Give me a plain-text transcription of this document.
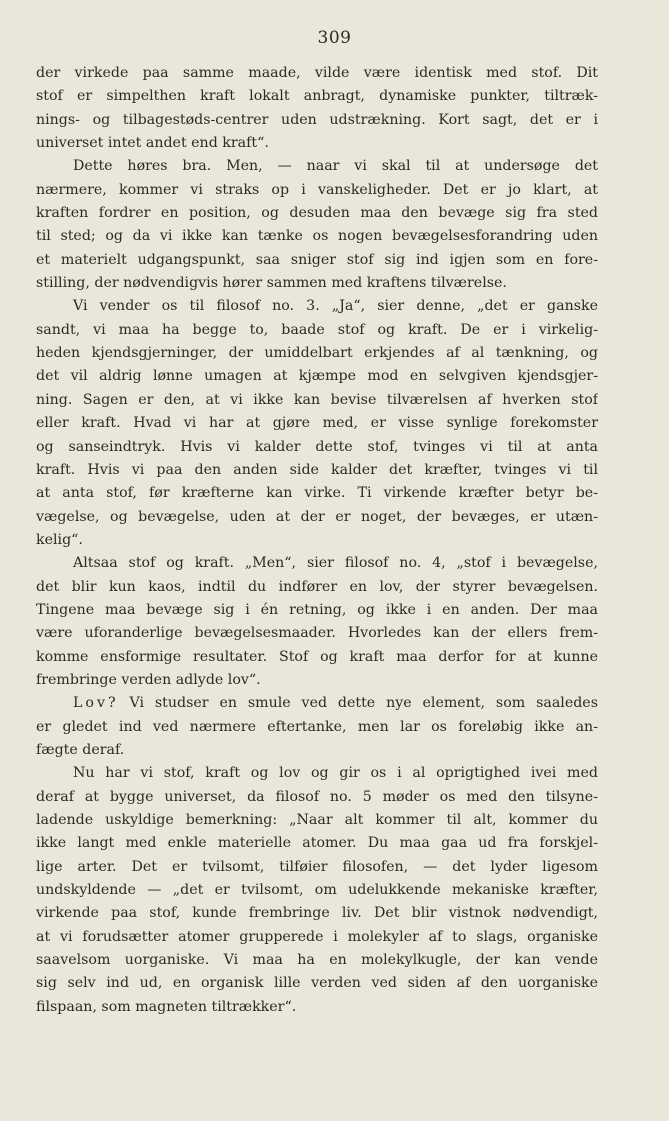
309
der virkede paa samme maade, vilde være identisk med stof. Dit
stof er simpelthen kraft lokalt anbragt, dynamiske punkter, tiltræk-
nings- og tilbagestøds-centrer uden udstrækning. Kort sagt, det er i
universet intet andet end kraft“.
Dette høres bra. Men, — naar vi skal til at undersøge det
nærmere, kommer vi straks op i vanskeligheder. Det er jo klart, at
kraften fordrer en position, og desuden maa den bevæge sig fra sted
til sted; og da vi ikke kan tænke os nogen bevægelsesforandring uden
et materielt udgangspunkt, saa sniger stof sig ind igjen som en fore-
stilling, der nødvendigvis hører sammen med kraftens tilværelse.
Vi vender os til filosof no. 3. „Ja“, sier denne, „det er ganske
sandt, vi maa ha begge to, baade stof og kraft. De er i virkelig-
heden kjendsgjerninger, der umiddelbart erkjendes af al tænkning, og
det vil aldrig lønne umagen at kjæmpe mod en selvgiven kjendsgjer-
ning. Sagen er den, at vi ikke kan bevise tilværelsen af hverken stof
eller kraft. Hvad vi har at gjøre med, er visse synlige forekomster
og sanseindtryk. Hvis vi kalder dette stof, tvinges vi til at anta
kraft. Hvis vi paa den anden side kalder det kræfter, tvinges vi til
at anta stof, før kræfterne kan virke. Ti virkende kræfter betyr be-
vægelse, og bevægelse, uden at der er noget, der bevæges, er utæn-
kelig“.
Altsaa stof og kraft. „Men“, sier filosof no. 4, „stof i bevægelse,
det blir kun kaos, indtil du indfører en lov, der styrer bevægelsen.
Tingene maa bevæge sig i én retning, og ikke i en anden. Der maa
være uforanderlige bevægelsesmaader. Hvorledes kan der ellers frem-
komme ensformige resultater. Stof og kraft maa derfor for at kunne
frembringe verden adlyde lov“.
Lov? Vi studser en smule ved dette nye element, som saaledes
er gledet ind ved nærmere eftertanke, men lar os foreløbig ikke an-
fægte deraf.
Nu har vi stof, kraft og lov og gir os i al oprigtighed ivei med
deraf at bygge universet, da filosof no. 5 møder os med den tilsyne-
ladende uskyldige bemerkning: „Naar alt kommer til alt, kommer du
ikke langt med enkle materielle atomer. Du maa gaa ud fra forskjel-
lige arter. Det er tvilsomt, tilføier filosofen, — det lyder ligesom
undskyldende — „det er tvilsomt, om udelukkende mekaniske kræfter,
virkende paa stof, kunde frembringe liv. Det blir vistnok nødvendigt,
at vi forudsætter atomer grupperede i molekyler af to slags, organiske
saavelsom uorganiske. Vi maa ha en molekylkugle, der kan vende
sig selv ind ud, en organisk lille verden ved siden af den uorganiske
filspaan, som magneten tiltrækker“.
